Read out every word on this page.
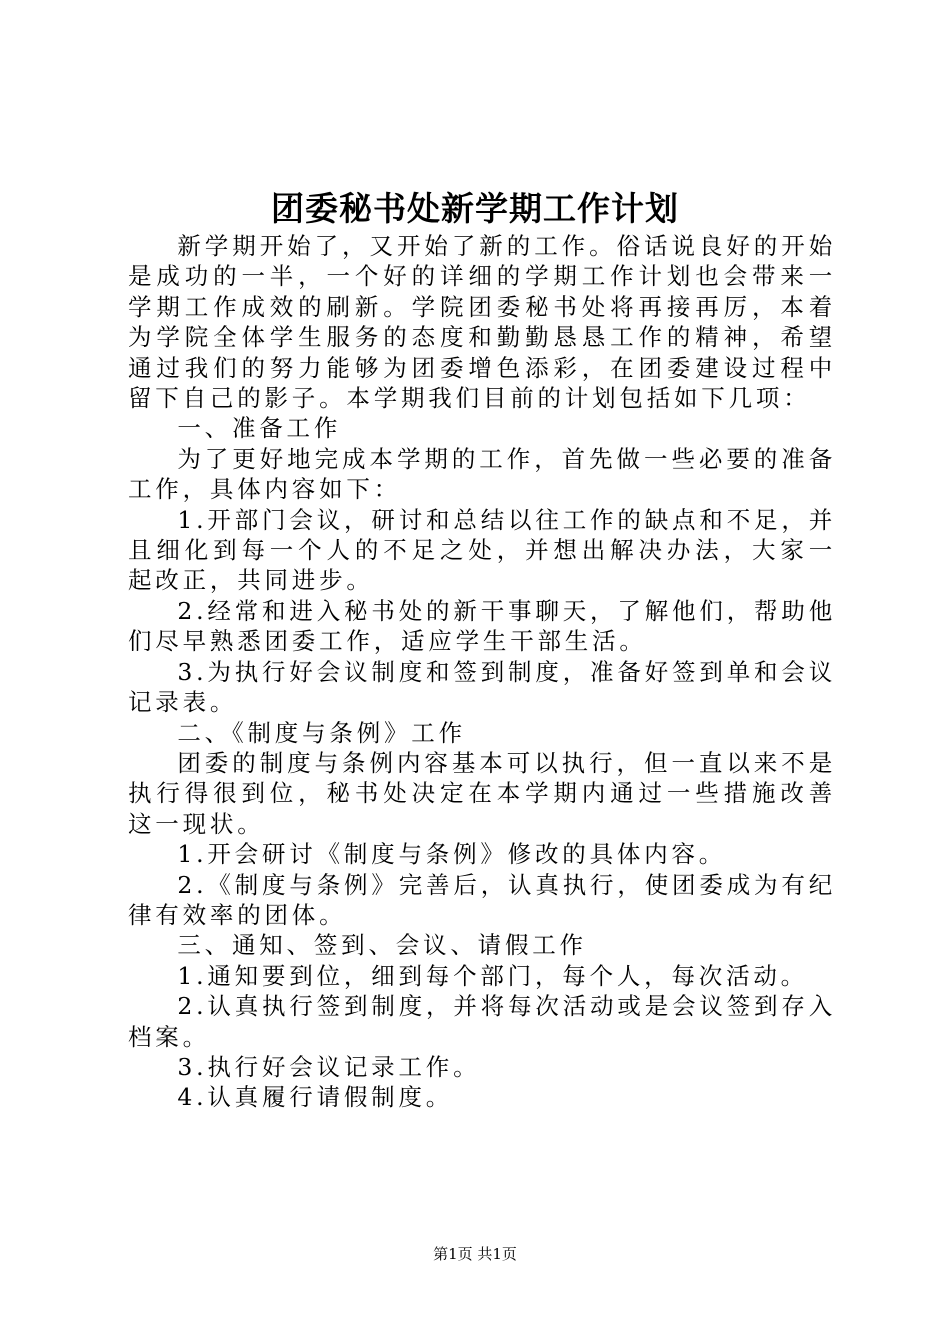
团委秘书处新学期工作计划

新学期开始了，又开始了新的工作。俗话说良好的开始是成功的一半，一个好的详细的学期工作计划也会带来一学期工作成效的刷新。学院团委秘书处将再接再厉，本着为学院全体学生服务的态度和勤勤恳恳工作的精神，希望通过我们的努力能够为团委增色添彩，在团委建设过程中留下自己的影子。本学期我们目前的计划包括如下几项：

一、准备工作

为了更好地完成本学期的工作，首先做一些必要的准备工作，具体内容如下：

1.开部门会议，研讨和总结以往工作的缺点和不足，并且细化到每一个人的不足之处，并想出解决办法，大家一起改正，共同进步。

2.经常和进入秘书处的新干事聊天，了解他们，帮助他们尽早熟悉团委工作，适应学生干部生活。

3.为执行好会议制度和签到制度，准备好签到单和会议记录表。

二、《制度与条例》工作

团委的制度与条例内容基本可以执行，但一直以来不是执行得很到位，秘书处决定在本学期内通过一些措施改善这一现状。

1.开会研讨《制度与条例》修改的具体内容。

2.《制度与条例》完善后，认真执行，使团委成为有纪律有效率的团体。

三、通知、签到、会议、请假工作

1.通知要到位，细到每个部门，每个人，每次活动。

2.认真执行签到制度，并将每次活动或是会议签到存入档案。

3.执行好会议记录工作。

4.认真履行请假制度。

第1页 共1页
